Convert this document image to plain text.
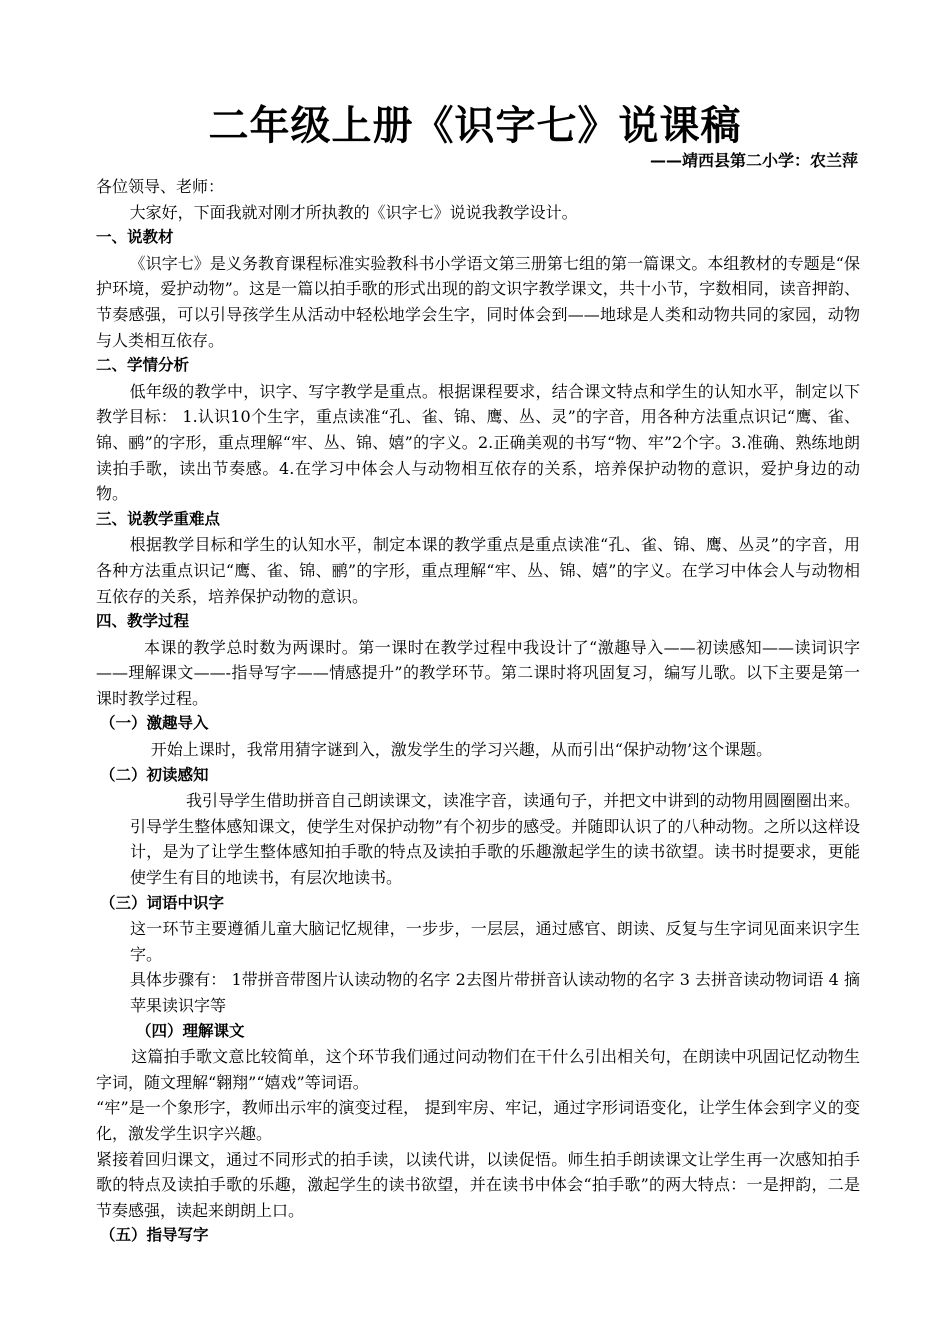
二年级上册《识字七》说课稿
——靖西县第二小学：农兰萍

各位领导、老师：

大家好，下面我就对刚才所执教的《识字七》说说我教学设计。

一、说教材

《识字七》是义务教育课程标准实验教科书小学语文第三册第七组的第一篇课文。本组教材的专题是“保护环境，爱护动物”。这是一篇以拍手歌的形式出现的韵文识字教学课文，共十小节，字数相同，读音押韵、节奏感强，可以引导孩学生从活动中轻松地学会生字，同时体会到——地球是人类和动物共同的家园，动物与人类相互依存。

二、学情分析

低年级的教学中，识字、写字教学是重点。根据课程要求，结合课文特点和学生的认知水平，制定以下教学目标： 1.认识10个生字，重点读准“孔、雀、锦、鹰、丛、灵”的字音，用各种方法重点识记“鹰、雀、锦、鹂”的字形，重点理解“牢、丛、锦、嬉”的字义。2.正确美观的书写“物、牢”2个字。3.准确、熟练地朗读拍手歌，读出节奏感。4.在学习中体会人与动物相互依存的关系，培养保护动物的意识，爱护身边的动物。

三、说教学重难点

根据教学目标和学生的认知水平，制定本课的教学重点是重点读准“孔、雀、锦、鹰、丛灵”的字音，用各种方法重点识记“鹰、雀、锦、鹂”的字形，重点理解“牢、丛、锦、嬉”的字义。在学习中体会人与动物相互依存的关系，培养保护动物的意识。

四、教学过程

本课的教学总时数为两课时。第一课时在教学过程中我设计了“激趣导入——初读感知——读词识字——理解课文——-指导写字——情感提升”的教学环节。第二课时将巩固复习，编写儿歌。以下主要是第一课时教学过程。

（一）激趣导入

开始上课时，我常用猜字谜到入，激发学生的学习兴趣，从而引出“保护动物’这个课题。

（二）初读感知

我引导学生借助拼音自己朗读课文，读准字音，读通句子，并把文中讲到的动物用圆圈圈出来。引导学生整体感知课文，使学生对保护动物”有个初步的感受。并随即认识了的八种动物。之所以这样设计，是为了让学生整体感知拍手歌的特点及读拍手歌的乐趣激起学生的读书欲望。读书时提要求，更能使学生有目的地读书，有层次地读书。

（三）词语中识字

这一环节主要遵循儿童大脑记忆规律，一步步，一层层，通过感官、朗读、反复与生字词见面来识字生字。

具体步骤有： 1带拼音带图片认读动物的名字 2去图片带拼音认读动物的名字 3 去拼音读动物词语 4 摘苹果读识字等

（四）理解课文

这篇拍手歌文意比较简单，这个环节我们通过问动物们在干什么引出相关句，在朗读中巩固记忆动物生字词，随文理解“翱翔”“嬉戏”等词语。

“牢”是一个象形字，教师出示牢的演变过程， 提到牢房、牢记，通过字形词语变化，让学生体会到字义的变化，激发学生识字兴趣。

紧接着回归课文，通过不同形式的拍手读，以读代讲，以读促悟。师生拍手朗读课文让学生再一次感知拍手歌的特点及读拍手歌的乐趣，激起学生的读书欲望，并在读书中体会“拍手歌”的两大特点：一是押韵，二是节奏感强，读起来朗朗上口。

（五）指导写字
